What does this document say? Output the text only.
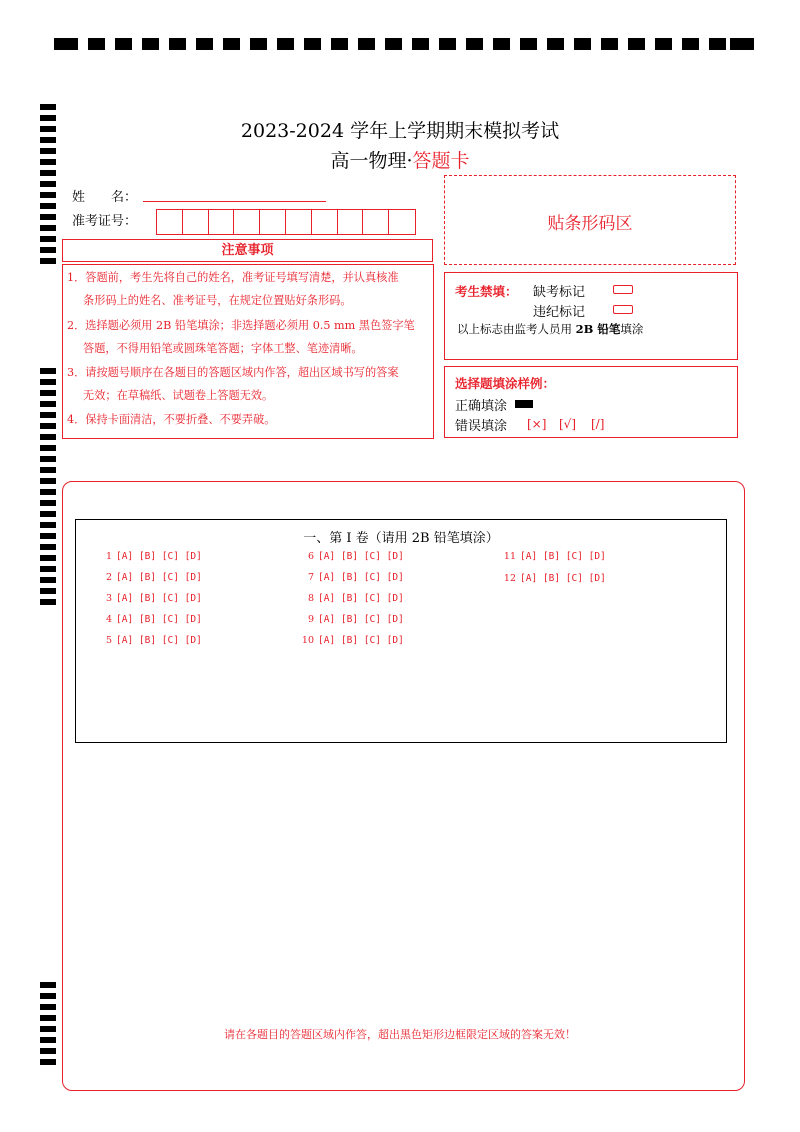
2023-2024 学年上学期期末模拟考试
高一物理·答题卡
姓　　名：
准考证号：	贴条形码区
注意事项
1．答题前，考生先将自己的姓名，准考证号填写清楚，并认真核准
条形码上的姓名、准考证号，在规定位置贴好条形码。
2．选择题必须用 2B 铅笔填涂；非选择题必须用 0.5 mm 黑色签字笔
答题，不得用铅笔或圆珠笔答题；字体工整、笔迹清晰。
3．请按题号顺序在各题目的答题区域内作答，超出区域书写的答案
无效；在草稿纸、试题卷上答题无效。
4．保持卡面清洁，不要折叠、不要弄破。
考生禁填： 缺考标记
违纪标记
以上标志由监考人员用 2B 铅笔填涂
选择题填涂样例：
正确填涂
错误填涂 [×] [√] [/]
一、第 I 卷（请用 2B 铅笔填涂）
1 [A] [B] [C] [D]
2 [A] [B] [C] [D]
3 [A] [B] [C] [D]
4 [A] [B] [C] [D]
5 [A] [B] [C] [D]
6 [A] [B] [C] [D]
7 [A] [B] [C] [D]
8 [A] [B] [C] [D]
9 [A] [B] [C] [D]
10 [A] [B] [C] [D]
11 [A] [B] [C] [D]
12 [A] [B] [C] [D]
请在各题目的答题区域内作答，超出黑色矩形边框限定区域的答案无效！
